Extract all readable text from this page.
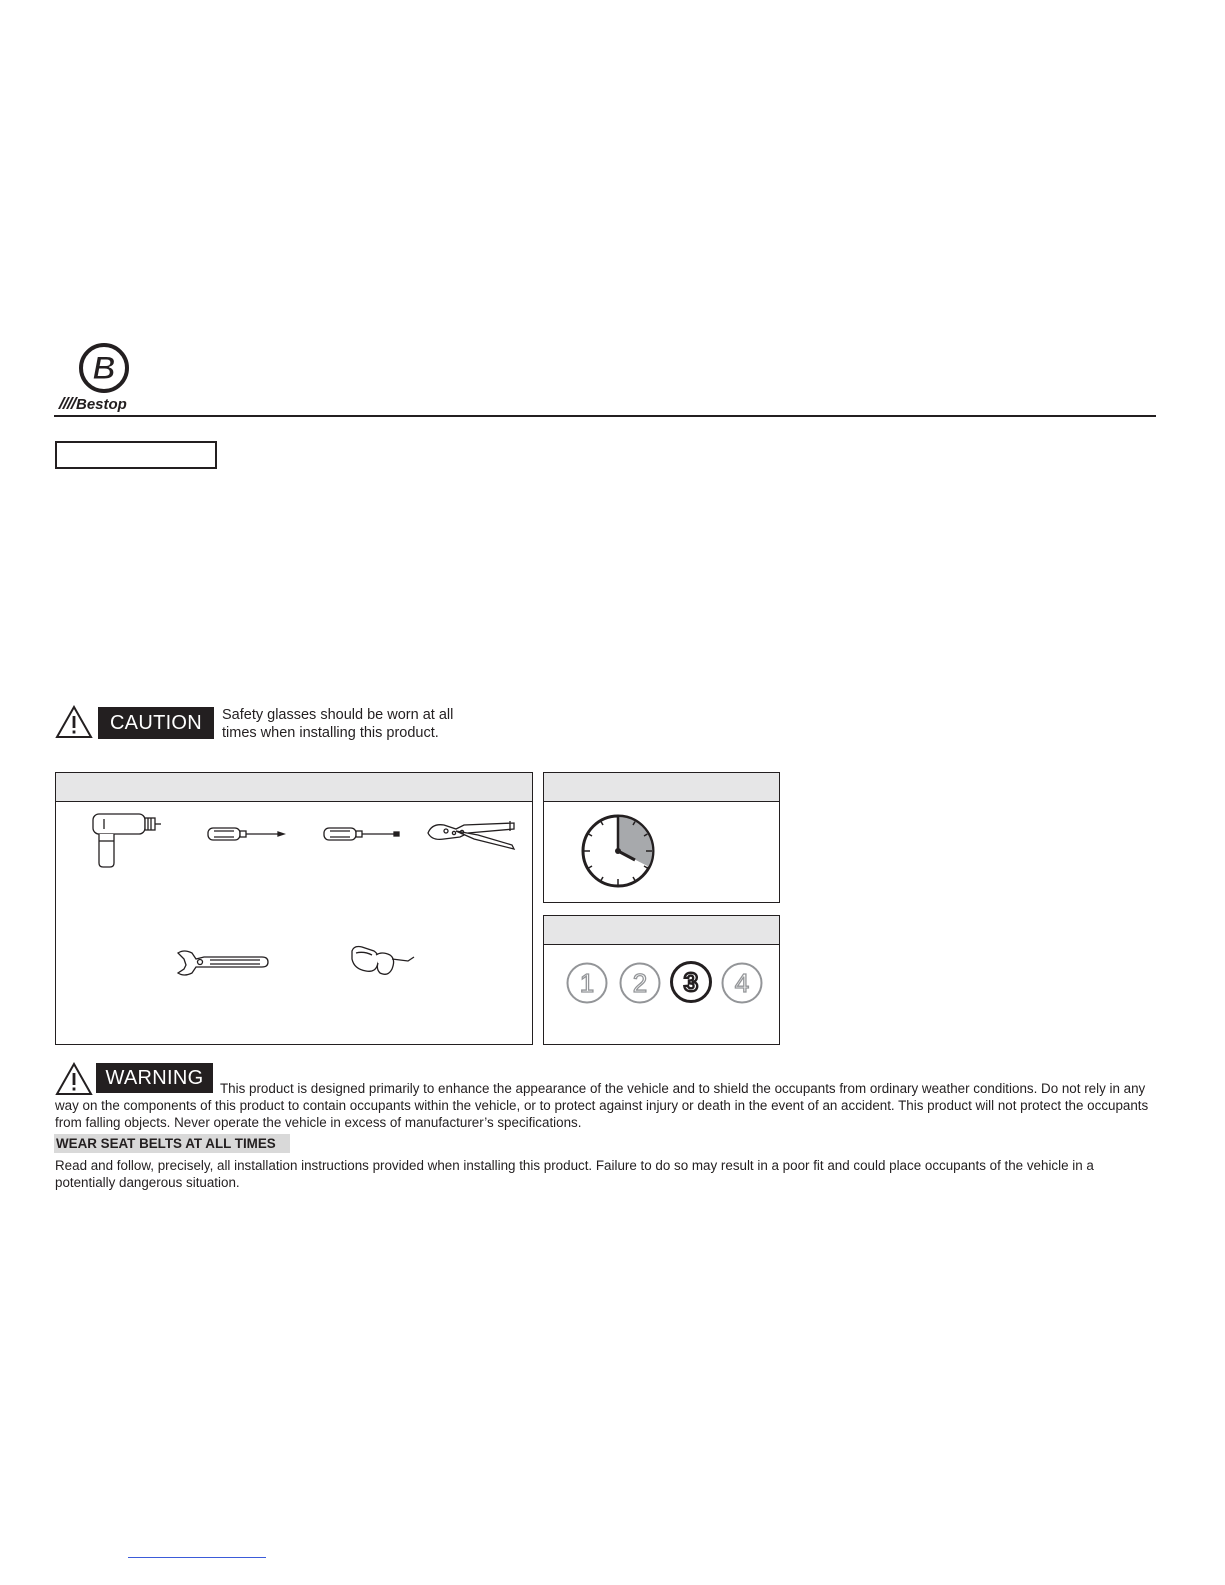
B
Bestop
CAUTION	Safety glasses should be worn at all
times when installing this product.
1 2 3 4
WARNING	This product is designed primarily to enhance the appearance of the vehicle and to shield the occupants from ordinary weather conditions. Do not rely in any way on the components of this product to contain occupants within the vehicle, or to protect against injury or death in the event of an accident. This product will not protect the occupants from falling objects. Never operate the vehicle in excess of manufacturer’s specifications.
WEAR SEAT BELTS AT ALL TIMES
Read and follow, precisely, all installation instructions provided when installing this product. Failure to do so may result in a poor fit and could place occupants of the vehicle in a potentially dangerous situation.
